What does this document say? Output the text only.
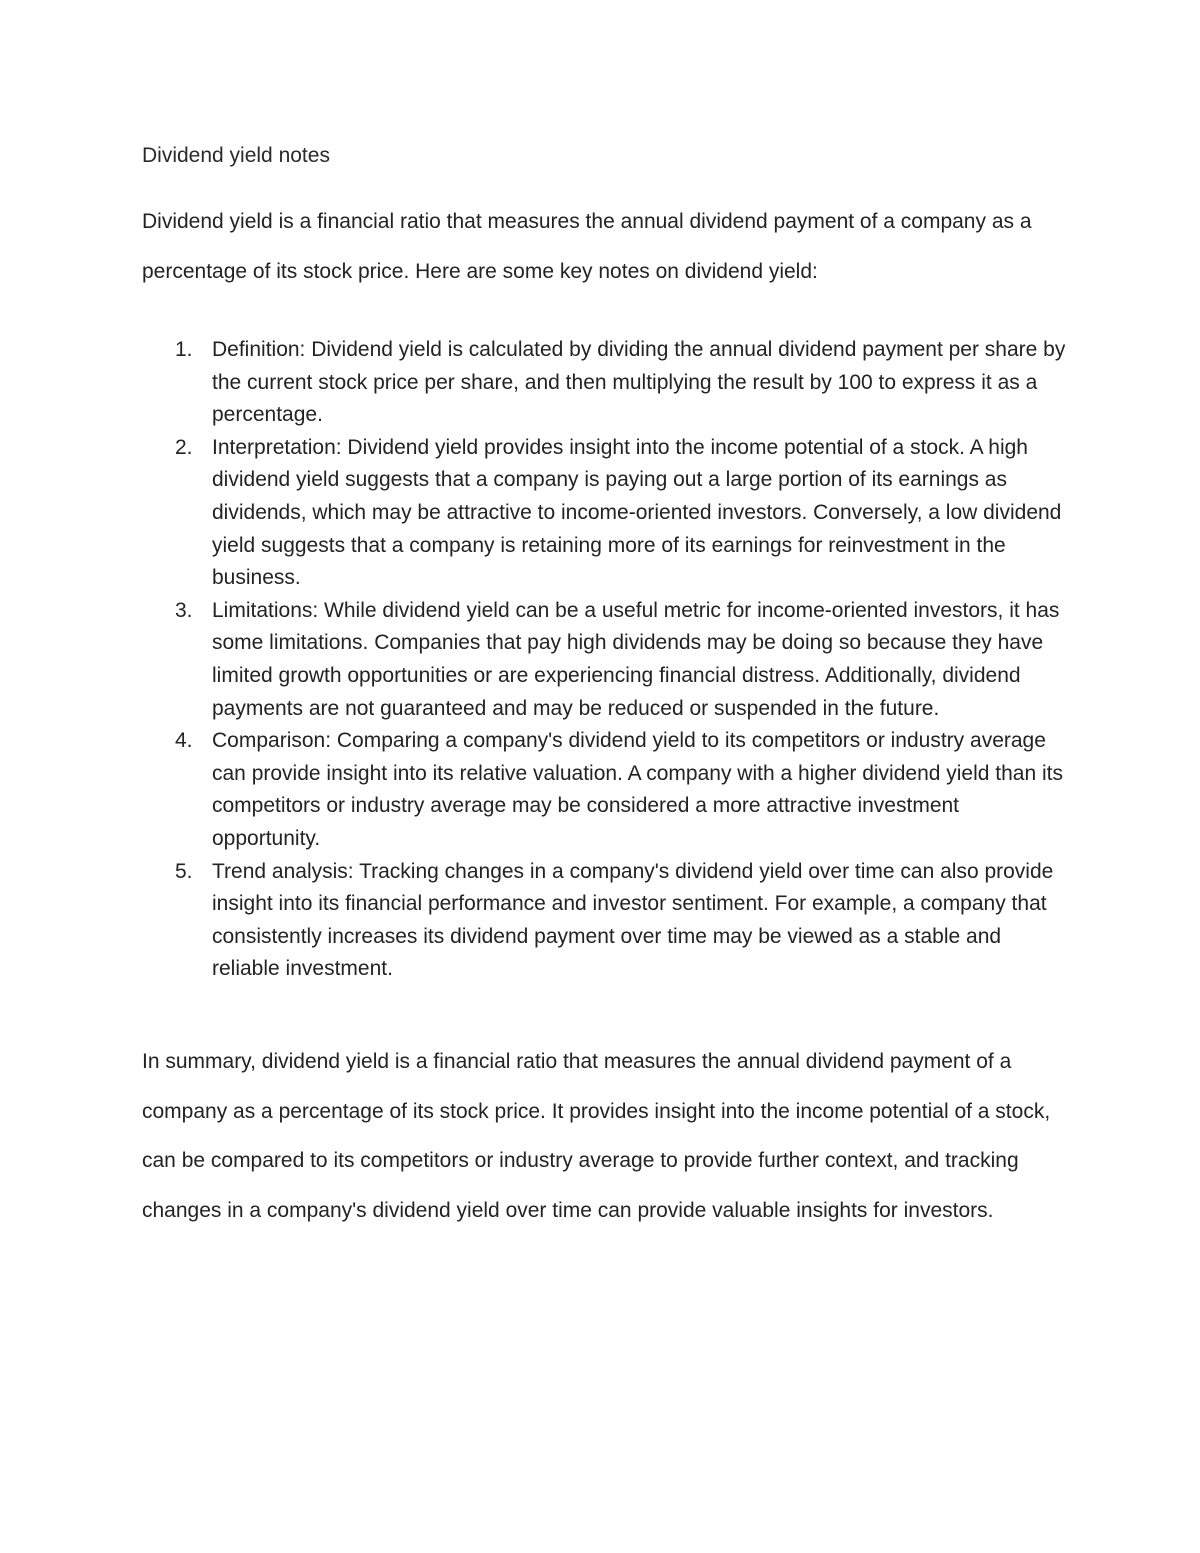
Dividend yield notes

Dividend yield is a financial ratio that measures the annual dividend payment of a company as a percentage of its stock price. Here are some key notes on dividend yield:

1. Definition: Dividend yield is calculated by dividing the annual dividend payment per share by the current stock price per share, and then multiplying the result by 100 to express it as a percentage.
2. Interpretation: Dividend yield provides insight into the income potential of a stock. A high dividend yield suggests that a company is paying out a large portion of its earnings as dividends, which may be attractive to income-oriented investors. Conversely, a low dividend yield suggests that a company is retaining more of its earnings for reinvestment in the business.
3. Limitations: While dividend yield can be a useful metric for income-oriented investors, it has some limitations. Companies that pay high dividends may be doing so because they have limited growth opportunities or are experiencing financial distress. Additionally, dividend payments are not guaranteed and may be reduced or suspended in the future.
4. Comparison: Comparing a company's dividend yield to its competitors or industry average can provide insight into its relative valuation. A company with a higher dividend yield than its competitors or industry average may be considered a more attractive investment opportunity.
5. Trend analysis: Tracking changes in a company's dividend yield over time can also provide insight into its financial performance and investor sentiment. For example, a company that consistently increases its dividend payment over time may be viewed as a stable and reliable investment.

In summary, dividend yield is a financial ratio that measures the annual dividend payment of a company as a percentage of its stock price. It provides insight into the income potential of a stock, can be compared to its competitors or industry average to provide further context, and tracking changes in a company's dividend yield over time can provide valuable insights for investors.
